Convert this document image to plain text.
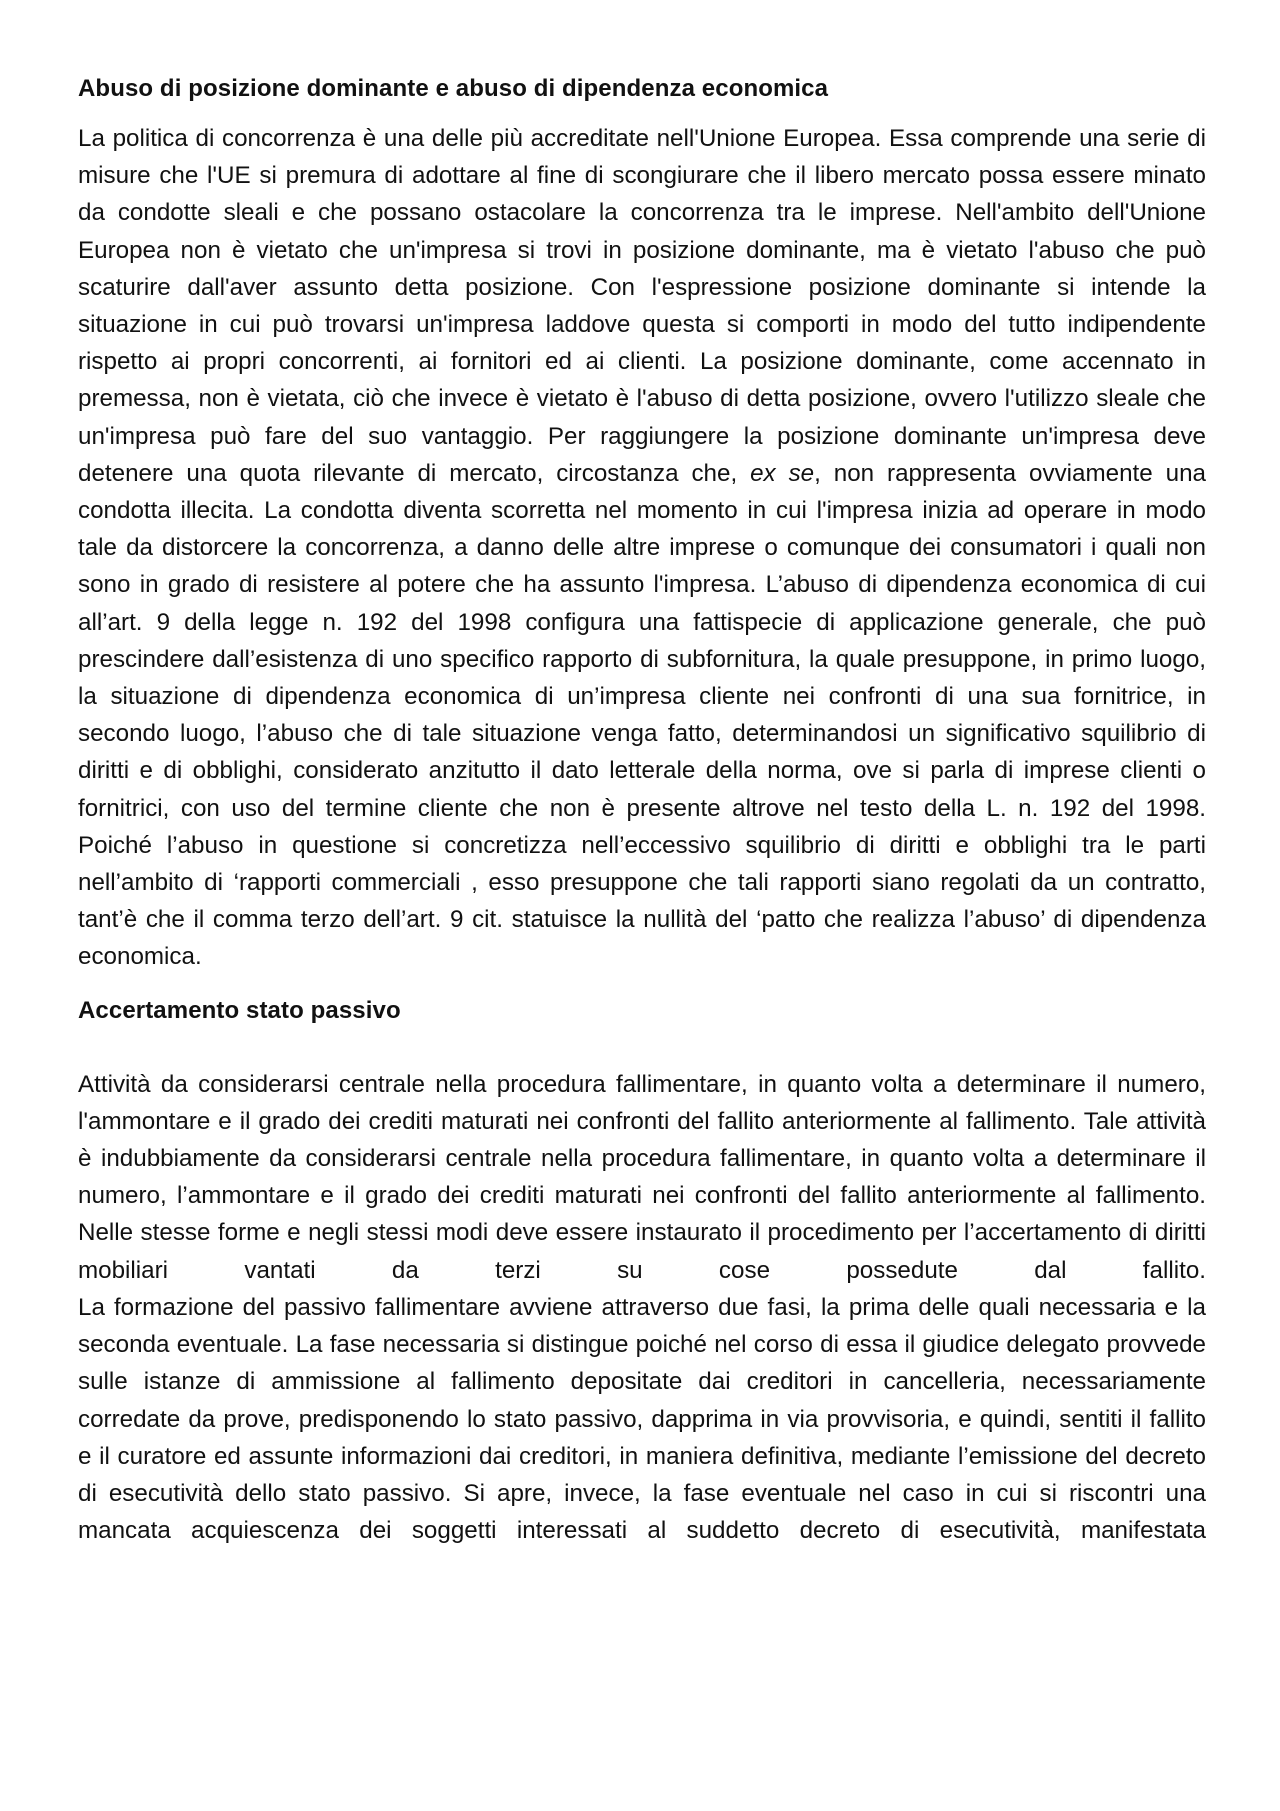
Abuso di posizione dominante e abuso di dipendenza economica

La politica di concorrenza è una delle più accreditate nell'Unione Europea. Essa comprende una serie di misure che l'UE si premura di adottare al fine di scongiurare che il libero mercato possa essere minato da condotte sleali e che possano ostacolare la concorrenza tra le imprese. Nell'ambito dell'Unione Europea non è vietato che un'impresa si trovi in posizione dominante, ma è vietato l'abuso che può scaturire dall'aver assunto detta posizione. Con l'espressione posizione dominante si intende la situazione in cui può trovarsi un'impresa laddove questa si comporti in modo del tutto indipendente rispetto ai propri concorrenti, ai fornitori ed ai clienti. La posizione dominante, come accennato in premessa, non è vietata, ciò che invece è vietato è l'abuso di detta posizione, ovvero l'utilizzo sleale che un'impresa può fare del suo vantaggio. Per raggiungere la posizione dominante un'impresa deve detenere una quota rilevante di mercato, circostanza che, ex se, non rappresenta ovviamente una condotta illecita. La condotta diventa scorretta nel momento in cui l'impresa inizia ad operare in modo tale da distorcere la concorrenza, a danno delle altre imprese o comunque dei consumatori i quali non sono in grado di resistere al potere che ha assunto l'impresa. L’abuso di dipendenza economica di cui all’art. 9 della legge n. 192 del 1998 configura una fattispecie di applicazione generale, che può prescindere dall’esistenza di uno specifico rapporto di subfornitura, la quale presuppone, in primo luogo, la situazione di dipendenza economica di un’impresa cliente nei confronti di una sua fornitrice, in secondo luogo, l’abuso che di tale situazione venga fatto, determinandosi un significativo squilibrio di diritti e di obblighi, considerato anzitutto il dato letterale della norma, ove si parla di imprese clienti o fornitrici, con uso del termine cliente che non è presente altrove nel testo della L. n. 192 del 1998. Poiché l’abuso in questione si concretizza nell’eccessivo squilibrio di diritti e obblighi tra le parti nell’ambito di ‘rapporti commerciali , esso presuppone che tali rapporti siano regolati da un contratto, tant’è che il comma terzo dell’art. 9 cit. statuisce la nullità del ‘patto che realizza l’abuso’ di dipendenza economica.

Accertamento stato passivo

Attività da considerarsi centrale nella procedura fallimentare, in quanto volta a determinare il numero, l'ammontare e il grado dei crediti maturati nei confronti del fallito anteriormente al fallimento. Tale attività è indubbiamente da considerarsi centrale nella procedura fallimentare, in quanto volta a determinare il numero, l’ammontare e il grado dei crediti maturati nei confronti del fallito anteriormente al fallimento. Nelle stesse forme e negli stessi modi deve essere instaurato il procedimento per l’accertamento di diritti mobiliari vantati da terzi su cose possedute dal fallito.

La formazione del passivo fallimentare avviene attraverso due fasi, la prima delle quali necessaria e la seconda eventuale. La fase necessaria si distingue poiché nel corso di essa il giudice delegato provvede sulle istanze di ammissione al fallimento depositate dai creditori in cancelleria, necessariamente corredate da prove, predisponendo lo stato passivo, dapprima in via provvisoria, e quindi, sentiti il fallito e il curatore ed assunte informazioni dai creditori, in maniera definitiva, mediante l’emissione del decreto di esecutività dello stato passivo. Si apre, invece, la fase eventuale nel caso in cui si riscontri una mancata acquiescenza dei soggetti interessati al suddetto decreto di esecutività, manifestata
